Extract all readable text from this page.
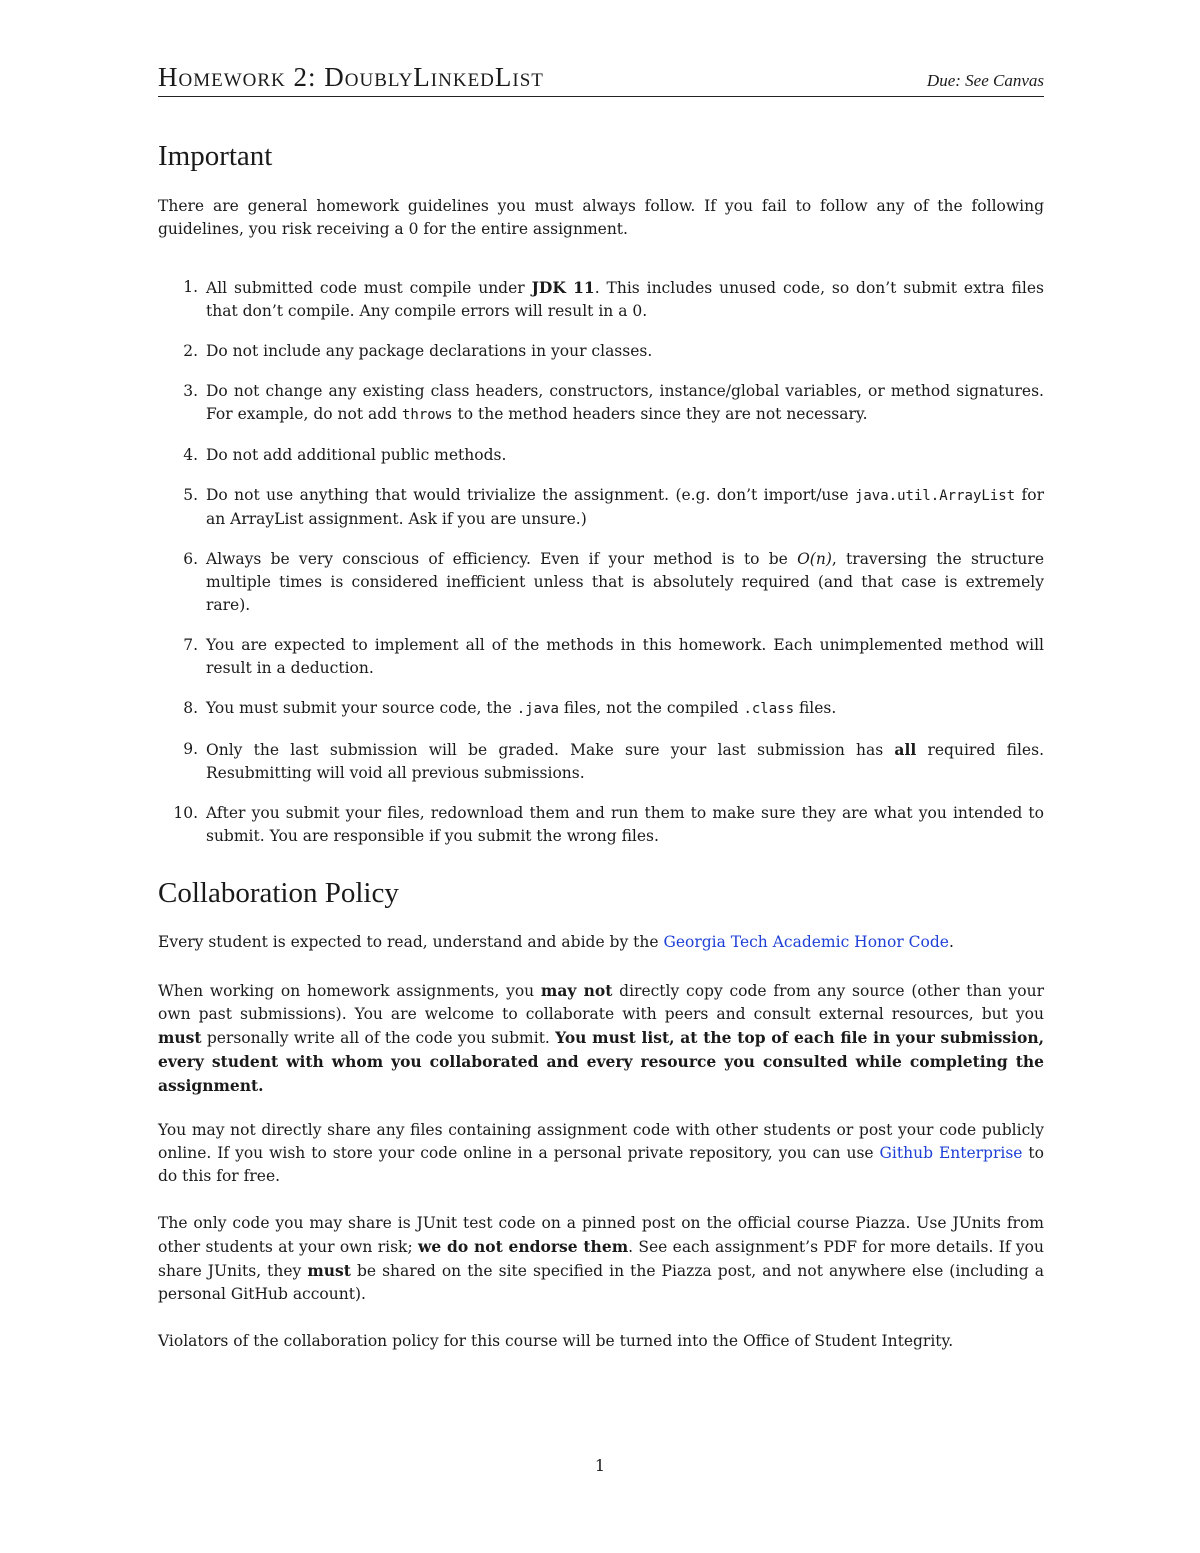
Homework 2: DoublyLinkedList	Due: See Canvas
Important

There are general homework guidelines you must always follow. If you fail to follow any of the following guidelines, you risk receiving a 0 for the entire assignment.

1. All submitted code must compile under JDK 11. This includes unused code, so don’t submit extra files that don’t compile. Any compile errors will result in a 0.
2. Do not include any package declarations in your classes.
3. Do not change any existing class headers, constructors, instance/global variables, or method signatures. For example, do not add throws to the method headers since they are not necessary.
4. Do not add additional public methods.
5. Do not use anything that would trivialize the assignment. (e.g. don’t import/use java.util.ArrayList for an ArrayList assignment. Ask if you are unsure.)
6. Always be very conscious of efficiency. Even if your method is to be O(n), traversing the structure multiple times is considered inefficient unless that is absolutely required (and that case is extremely rare).
7. You are expected to implement all of the methods in this homework. Each unimplemented method will result in a deduction.
8. You must submit your source code, the .java files, not the compiled .class files.
9. Only the last submission will be graded. Make sure your last submission has all required files. Resubmitting will void all previous submissions.
10. After you submit your files, redownload them and run them to make sure they are what you intended to submit. You are responsible if you submit the wrong files.
Collaboration Policy

Every student is expected to read, understand and abide by the Georgia Tech Academic Honor Code.

When working on homework assignments, you may not directly copy code from any source (other than your own past submissions). You are welcome to collaborate with peers and consult external resources, but you must personally write all of the code you submit. You must list, at the top of each file in your submission, every student with whom you collaborated and every resource you consulted while completing the assignment.

You may not directly share any files containing assignment code with other students or post your code publicly online. If you wish to store your code online in a personal private repository, you can use Github Enterprise to do this for free.

The only code you may share is JUnit test code on a pinned post on the official course Piazza. Use JUnits from other students at your own risk; we do not endorse them. See each assignment’s PDF for more details. If you share JUnits, they must be shared on the site specified in the Piazza post, and not anywhere else (including a personal GitHub account).

Violators of the collaboration policy for this course will be turned into the Office of Student Integrity.

1
